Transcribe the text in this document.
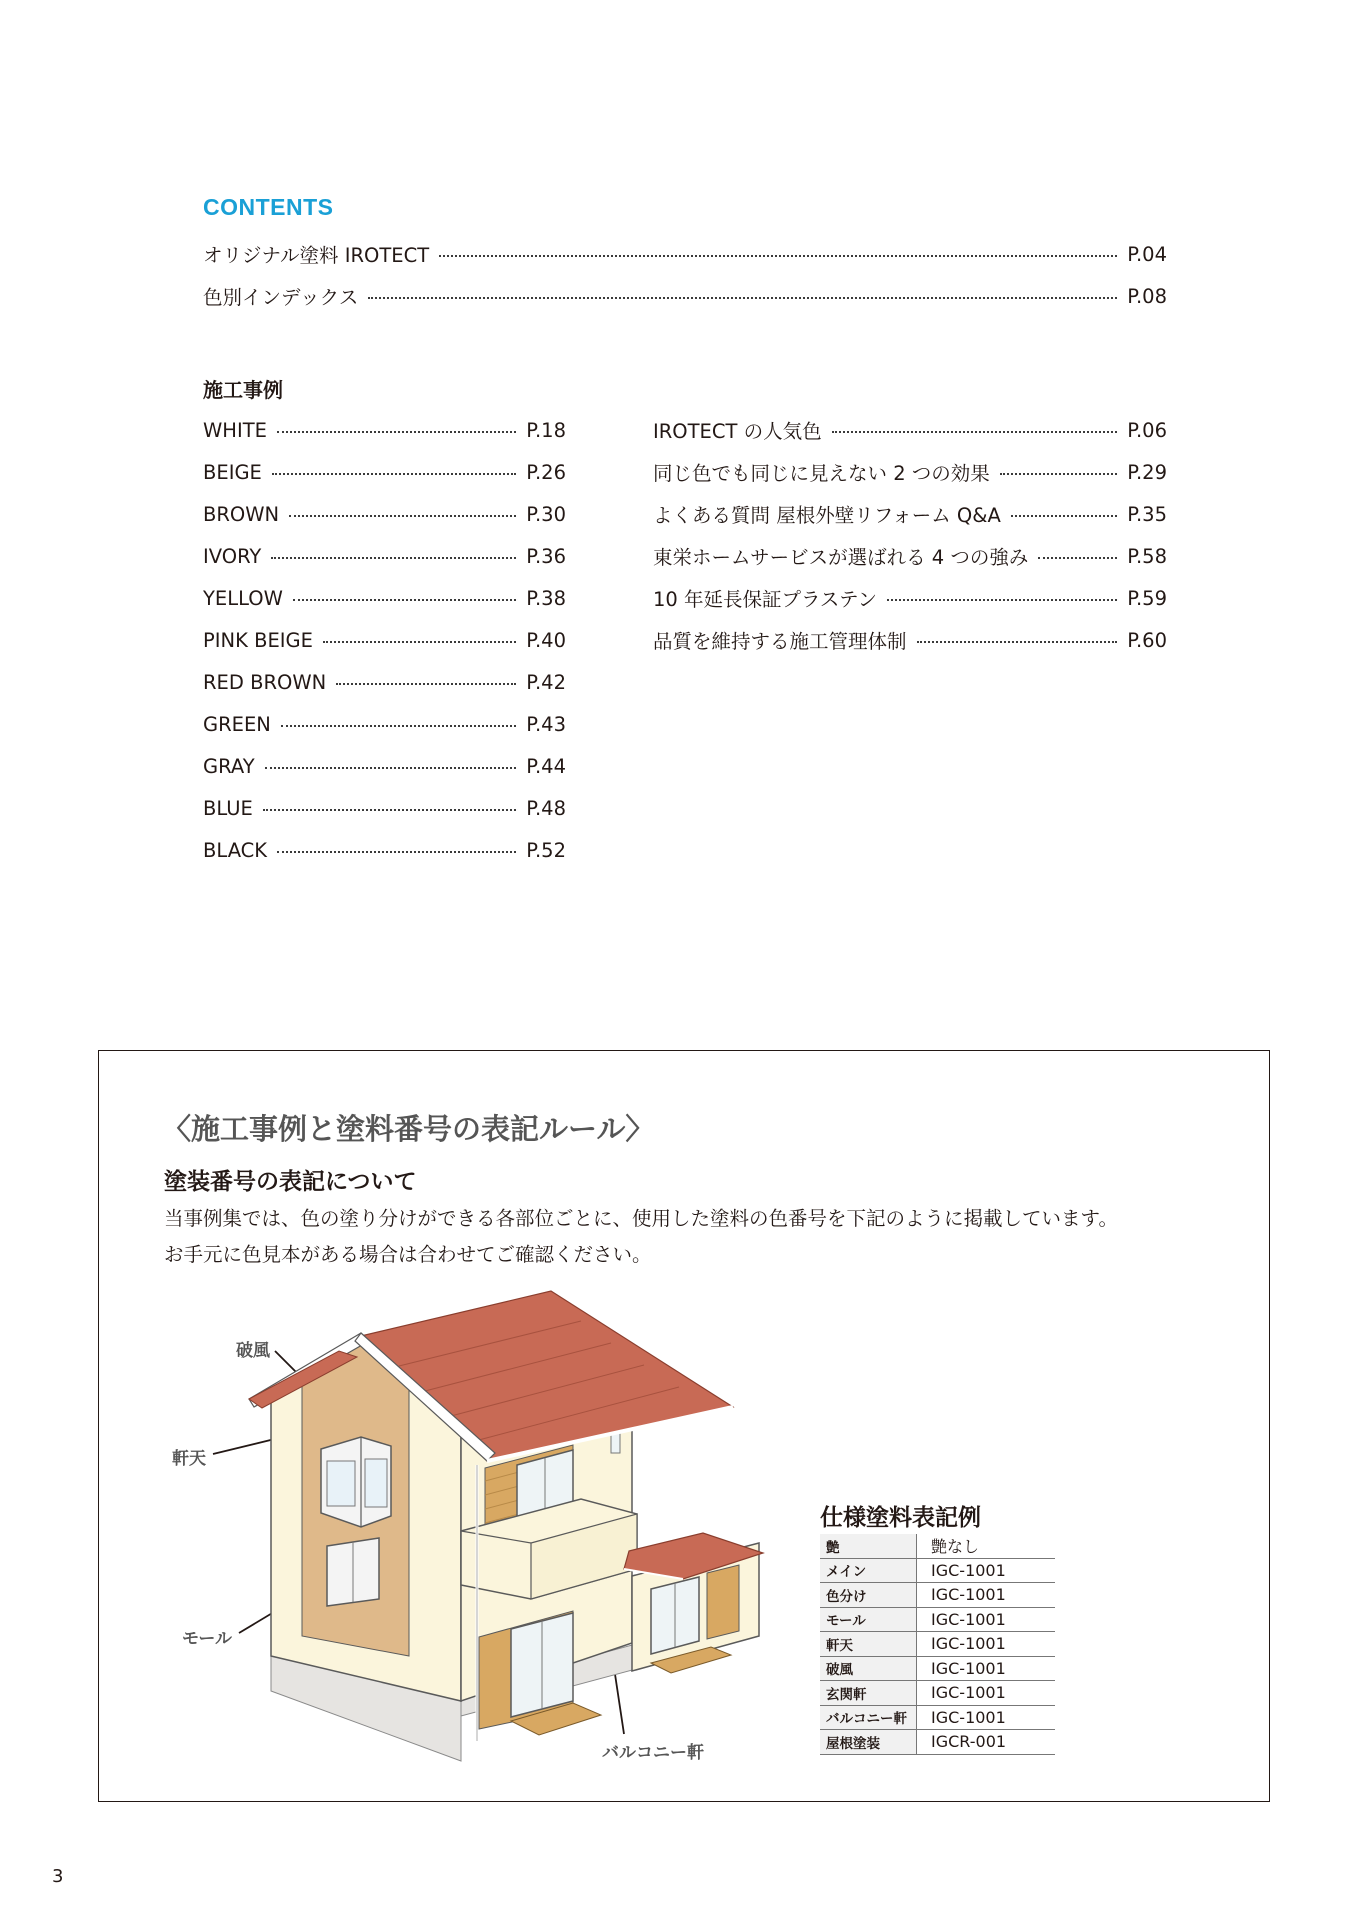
CONTENTS
オリジナル塗料 IROTECT	P.04
色別インデックス	P.08
施工事例
WHITE	P.18
BEIGE	P.26
BROWN	P.30
IVORY	P.36
YELLOW	P.38
PINK BEIGE	P.40
RED BROWN	P.42
GREEN	P.43
GRAY	P.44
BLUE	P.48
BLACK	P.52
IROTECT の人気色	P.06
同じ色でも同じに見えない 2 つの効果	P.29
よくある質問 屋根外壁リフォーム Q&A	P.35
東栄ホームサービスが選ばれる 4 つの強み	P.58
10 年延長保証プラステン	P.59
品質を維持する施工管理体制	P.60
〈施工事例と塗料番号の表記ルール〉
塗装番号の表記について
当事例集では、色の塗り分けができる各部位ごとに、使用した塗料の色番号を下記のように掲載しています。
お手元に色見本がある場合は合わせてご確認ください。
破風
軒天
モール
バルコニー軒
仕様塗料表記例
艶	艶なし
メイン	IGC-1001
色分け	IGC-1001
モール	IGC-1001
軒天	IGC-1001
破風	IGC-1001
玄関軒	IGC-1001
バルコニー軒	IGC-1001
屋根塗装	IGCR-001
3
